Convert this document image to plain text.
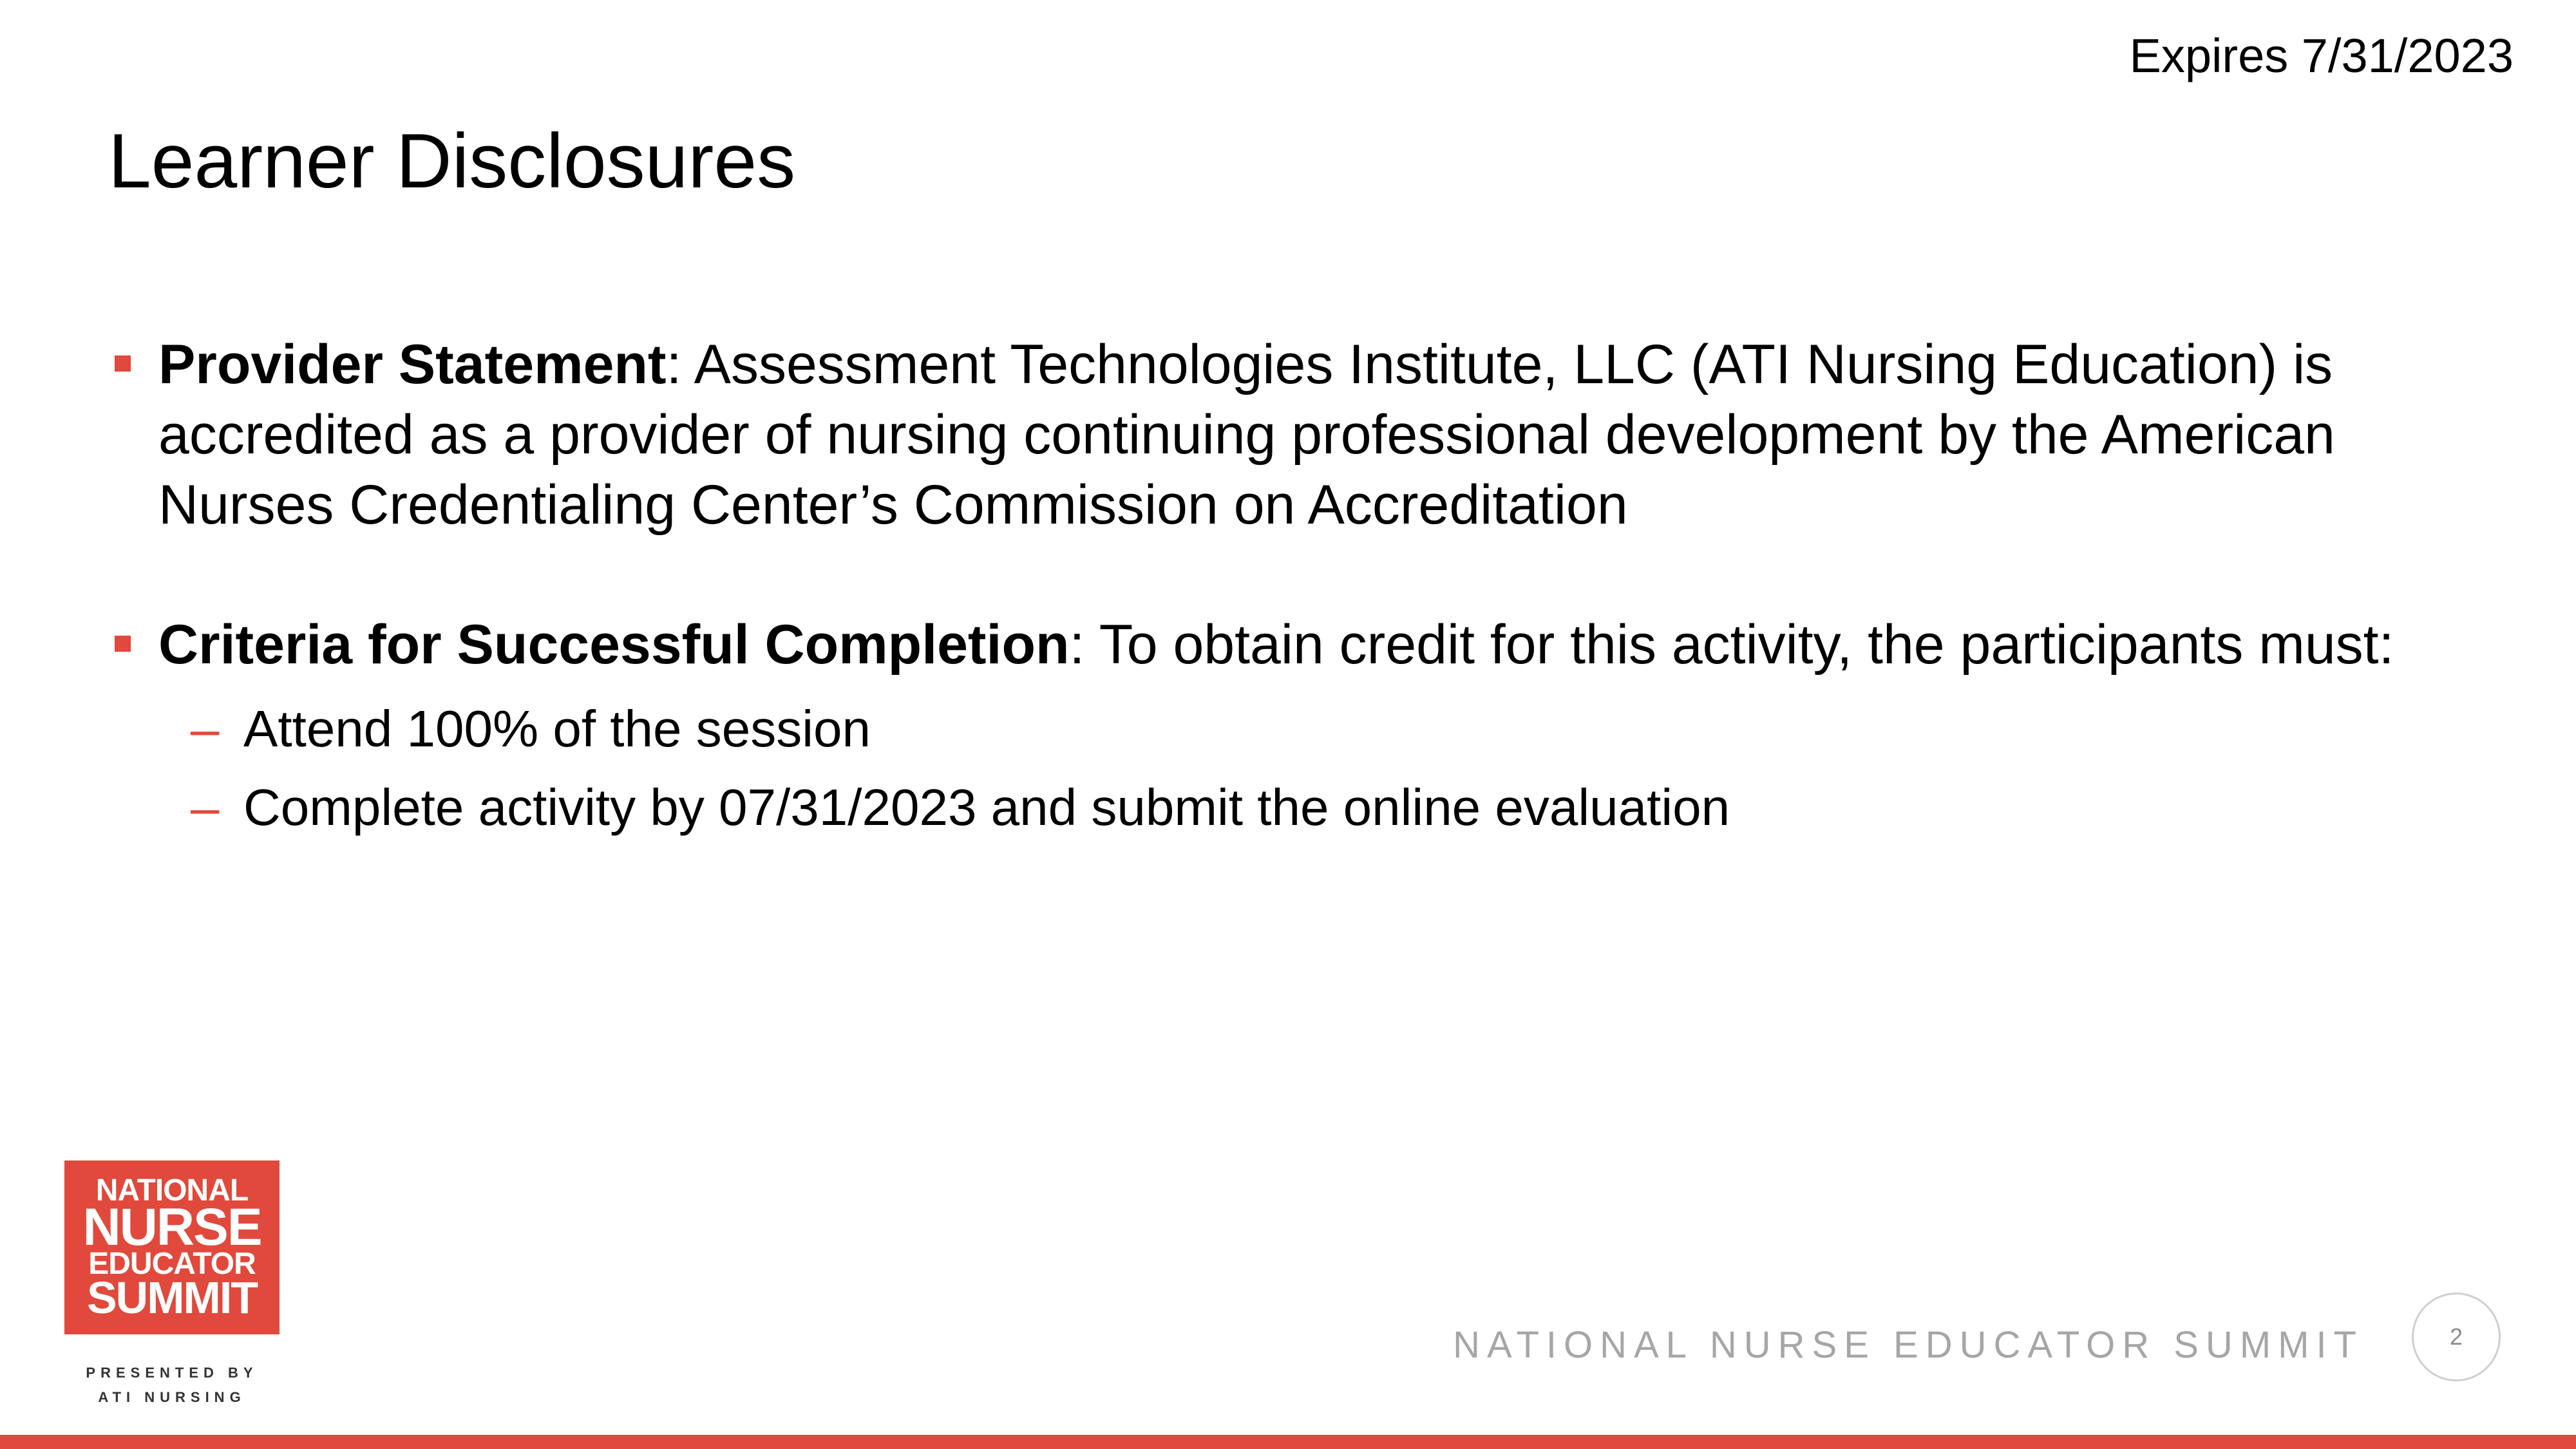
Expires 7/31/2023
Learner Disclosures
Provider Statement: Assessment Technologies Institute, LLC (ATI Nursing Education) is accredited as a provider of nursing continuing professional development by the American Nurses Credentialing Center’s Commission on Accreditation
Criteria for Successful Completion: To obtain credit for this activity, the participants must:
– Attend 100% of the session
– Complete activity by 07/31/2023 and submit the online evaluation
NATIONAL
NURSE
EDUCATOR
SUMMIT
PRESENTED BY
ATI NURSING
NATIONAL NURSE EDUCATOR SUMMIT	2
